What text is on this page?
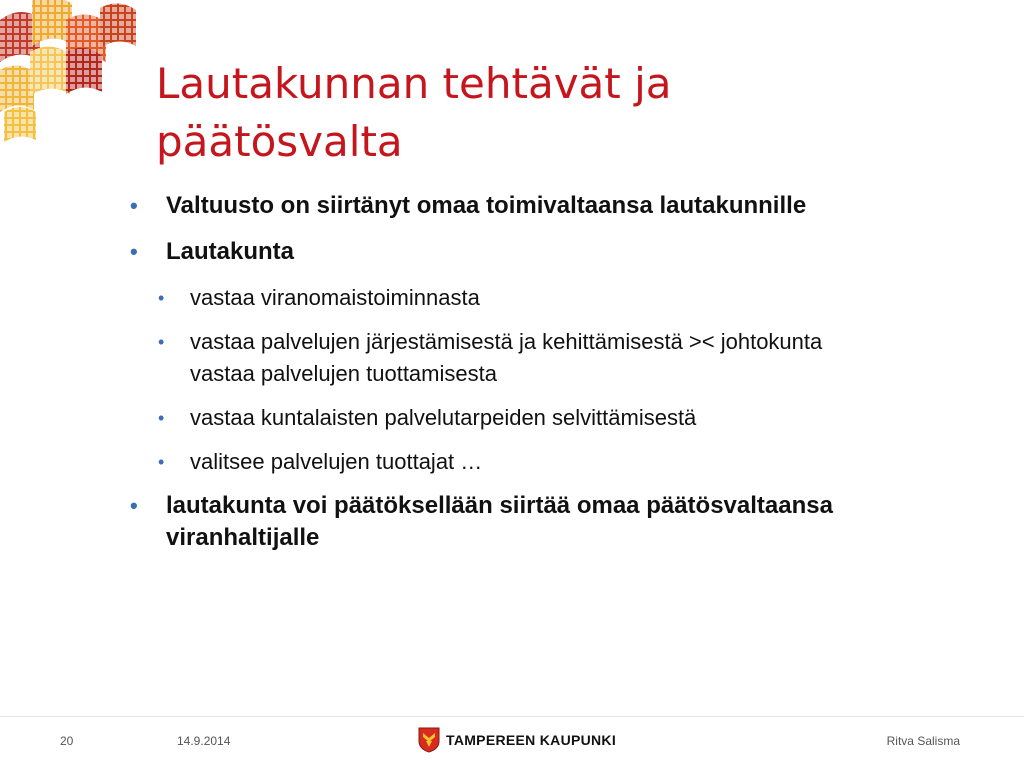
Lautakunnan tehtävät ja päätösvalta
• Valtuusto on siirtänyt omaa toimivaltaansa lautakunnille
• Lautakunta
• vastaa viranomaistoiminnasta
• vastaa palvelujen järjestämisestä ja kehittämisestä >< johtokunta vastaa palvelujen tuottamisesta
• vastaa kuntalaisten palvelutarpeiden selvittämisestä
• valitsee palvelujen tuottajat …
• lautakunta voi päätöksellään siirtää omaa päätösvaltaansa viranhaltijalle
20	14.9.2014	TAMPEREEN KAUPUNKI	Ritva Salisma
